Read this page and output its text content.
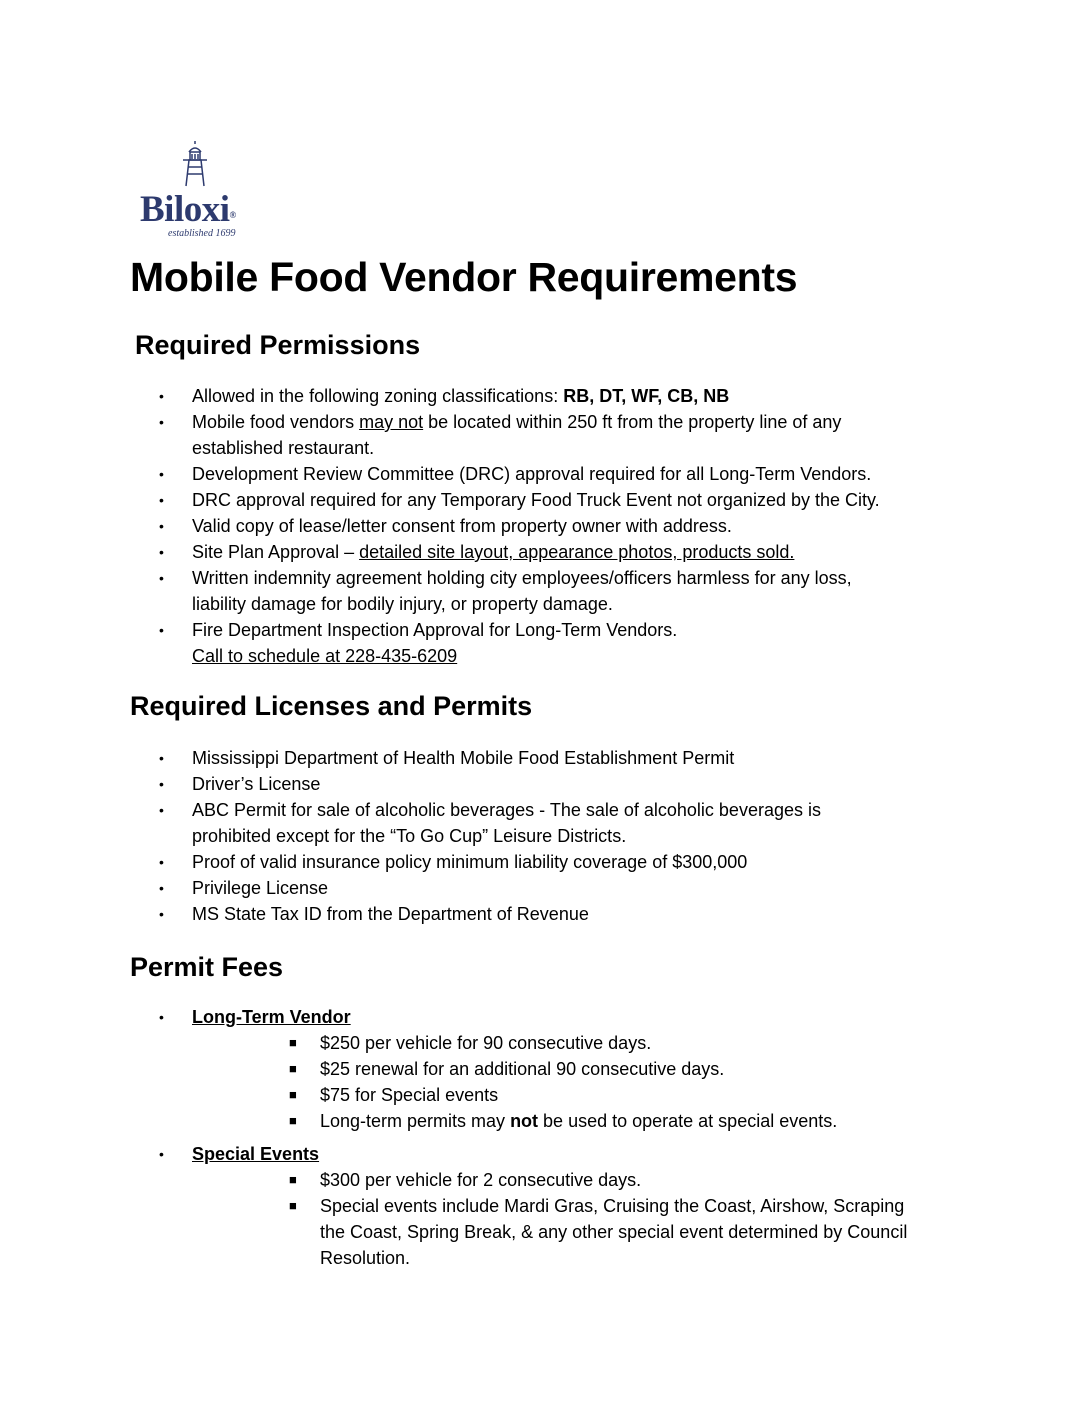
Biloxi®
established 1699
Mobile Food Vendor Requirements
Required Permissions
• Allowed in the following zoning classifications: RB, DT, WF, CB, NB
• Mobile food vendors may not be located within 250 ft from the property line of any
established restaurant.
• Development Review Committee (DRC) approval required for all Long-Term Vendors.
• DRC approval required for any Temporary Food Truck Event not organized by the City.
• Valid copy of lease/letter consent from property owner with address.
• Site Plan Approval – detailed site layout, appearance photos, products sold.
• Written indemnity agreement holding city employees/officers harmless for any loss,
liability damage for bodily injury, or property damage.
• Fire Department Inspection Approval for Long-Term Vendors.
Call to schedule at 228-435-6209
Required Licenses and Permits
• Mississippi Department of Health Mobile Food Establishment Permit
• Driver’s License
• ABC Permit for sale of alcoholic beverages - The sale of alcoholic beverages is
prohibited except for the “To Go Cup” Leisure Districts.
• Proof of valid insurance policy minimum liability coverage of $300,000
• Privilege License
• MS State Tax ID from the Department of Revenue
Permit Fees
• Long-Term Vendor
■ $250 per vehicle for 90 consecutive days.
■ $25 renewal for an additional 90 consecutive days.
■ $75 for Special events
■ Long-term permits may not be used to operate at special events.
• Special Events
■ $300 per vehicle for 2 consecutive days.
■ Special events include Mardi Gras, Cruising the Coast, Airshow, Scraping
the Coast, Spring Break, & any other special event determined by Council
Resolution.
